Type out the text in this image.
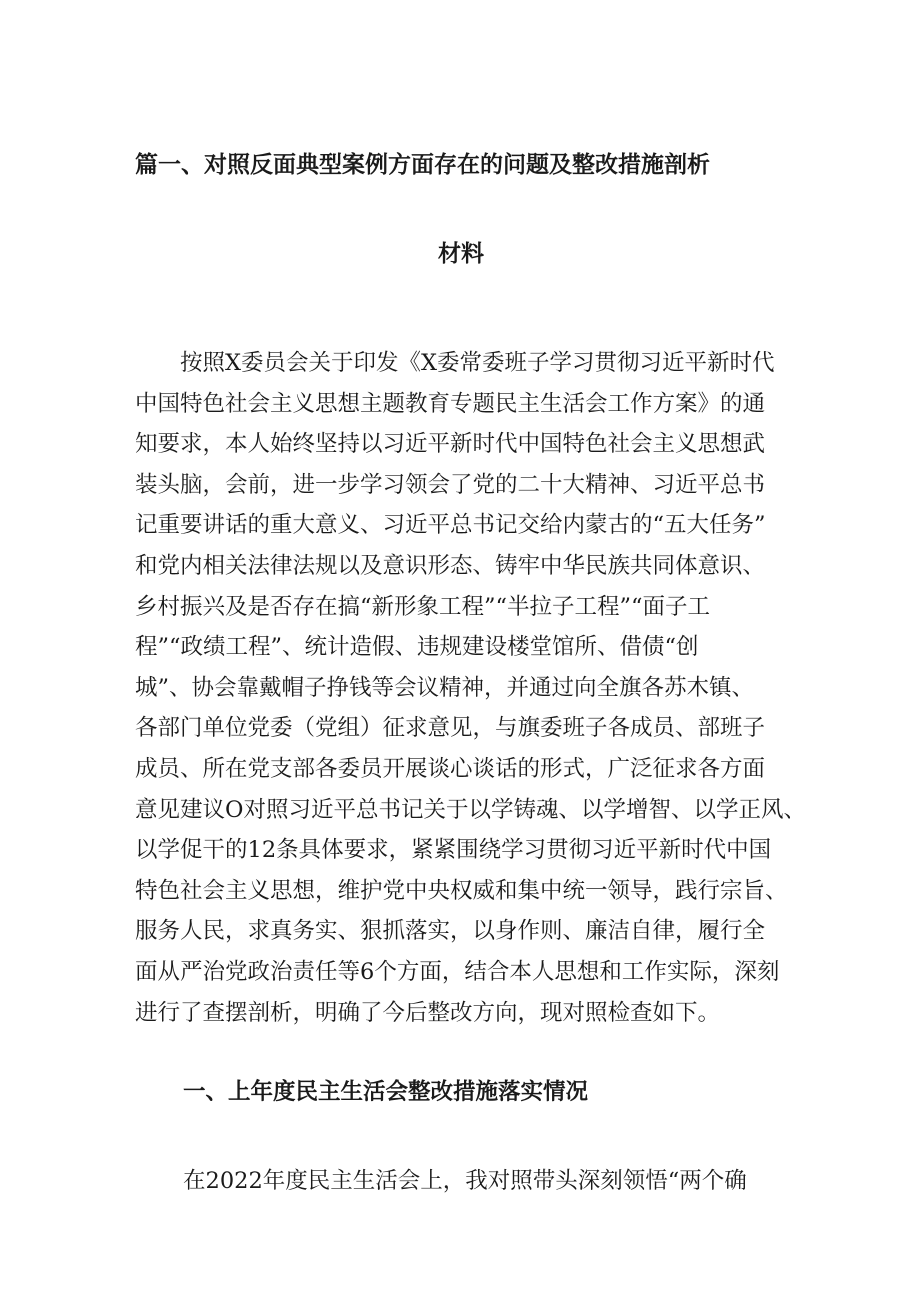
篇一、对照反面典型案例方面存在的问题及整改措施剖析
材料
　　按照X委员会关于印发《X委常委班子学习贯彻习近平新时代
中国特色社会主义思想主题教育专题民主生活会工作方案》的通
知要求，本人始终坚持以习近平新时代中国特色社会主义思想武
装头脑，会前，进一步学习领会了党的二十大精神、习近平总书
记重要讲话的重大意义、习近平总书记交给内蒙古的“五大任务”
和党内相关法律法规以及意识形态、铸牢中华民族共同体意识、
乡村振兴及是否存在搞“新形象工程”“半拉子工程”“面子工
程”“政绩工程”、统计造假、违规建设楼堂馆所、借债“创
城”、协会靠戴帽子挣钱等会议精神，并通过向全旗各苏木镇、
各部门单位党委（党组）征求意见，与旗委班子各成员、部班子
成员、所在党支部各委员开展谈心谈话的形式，广泛征求各方面
意见建议O对照习近平总书记关于以学铸魂、以学增智、以学正风、
以学促干的12条具体要求，紧紧围绕学习贯彻习近平新时代中国
特色社会主义思想，维护党中央权威和集中统一领导，践行宗旨、
服务人民，求真务实、狠抓落实，以身作则、廉洁自律，履行全
面从严治党政治责任等6个方面，结合本人思想和工作实际，深刻
进行了查摆剖析，明确了今后整改方向，现对照检查如下。
一、上年度民主生活会整改措施落实情况
在2022年度民主生活会上，我对照带头深刻领悟“两个确
